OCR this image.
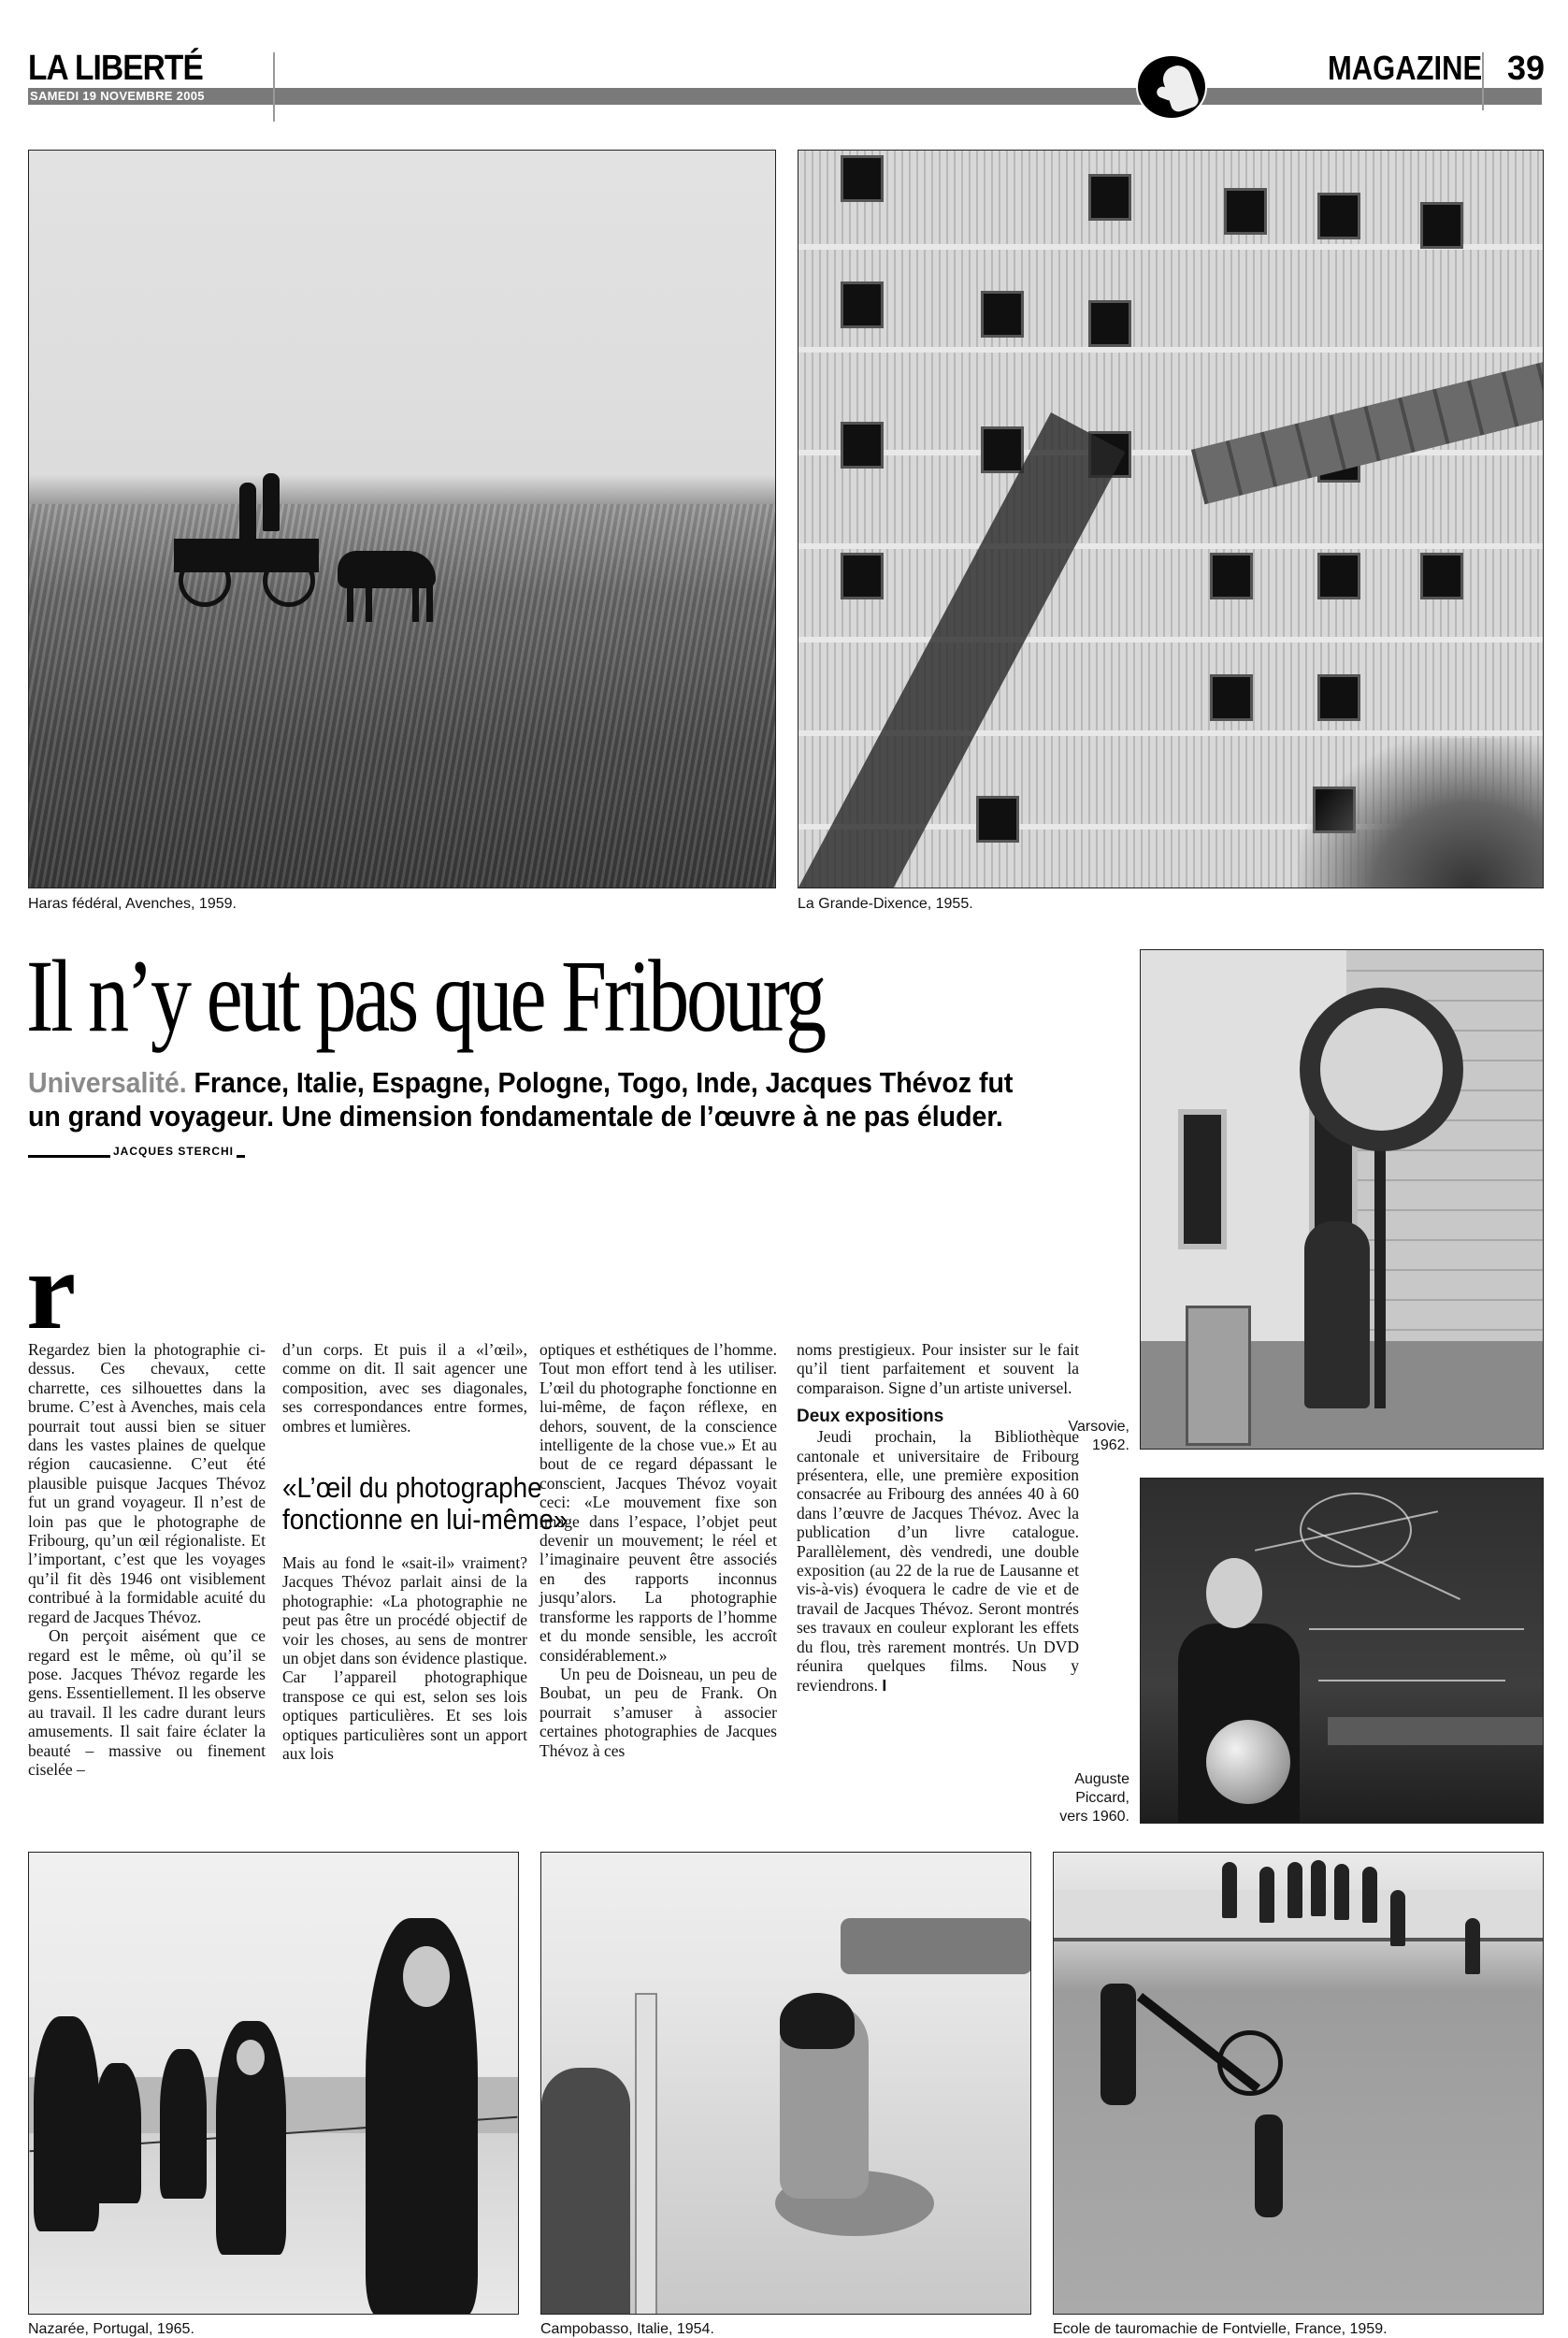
LA LIBERTÉ
SAMEDI 19 NOVEMBRE 2005
MAGAZINE 39
Haras fédéral, Avenches, 1959.	La Grande-Dixence, 1955.
Il n’y eut pas que Fribourg
Universalité. France, Italie, Espagne, Pologne, Togo, Inde, Jacques Thévoz fut
un grand voyageur. Une dimension fondamentale de l’œuvre à ne pas éluder.
JACQUES STERCHI
Varsovie,
1962.
Auguste
Piccard,
vers 1960.
r

Regardez bien la photographie ci-dessus. Ces chevaux, cette charrette, ces silhouettes dans la brume. C’est à Avenches, mais cela pourrait tout aussi bien se situer dans les vastes plaines de quelque région caucasienne. C’eut été plausible puisque Jacques Thévoz fut un grand voyageur. Il n’est de loin pas que le photographe de Fribourg, qu’un œil régionaliste. Et l’important, c’est que les voyages qu’il fit dès 1946 ont visiblement contribué à la formidable acuité du regard de Jacques Thévoz.

On perçoit aisément que ce regard est le même, où qu’il se pose. Jacques Thévoz regarde les gens. Essentiellement. Il les observe au travail. Il les cadre durant leurs amusements. Il sait faire éclater la beauté – massive ou finement ciselée –

d’un corps. Et puis il a «l’œil», comme on dit. Il sait agencer une composition, avec ses diagonales, ses correspondances entre formes, ombres et lumières.

Mais au fond le «sait-il» vraiment? Jacques Thévoz parlait ainsi de la photographie: «La photographie ne peut pas être un procédé objectif de voir les choses, au sens de montrer un objet dans son évidence plastique. Car l’appareil photographique transpose ce qui est, selon ses lois optiques particulières. Et ses lois optiques particulières sont un apport aux lois

«L’œil du photographe fonctionne en lui-même»

optiques et esthétiques de l’homme. Tout mon effort tend à les utiliser. L’œil du photographe fonctionne en lui-même, de façon réflexe, en dehors, souvent, de la conscience intelligente de la chose vue.» Et au bout de ce regard dépassant le conscient, Jacques Thévoz voyait ceci: «Le mouvement fixe son image dans l’espace, l’objet peut devenir un mouvement; le réel et l’imaginaire peuvent être associés en des rapports inconnus jusqu’alors. La photographie transforme les rapports de l’homme et du monde sensible, les accroît considérablement.»

Un peu de Doisneau, un peu de Boubat, un peu de Frank. On pourrait s’amuser à associer certaines photographies de Jacques Thévoz à ces

noms prestigieux. Pour insister sur le fait qu’il tient parfaitement et souvent la comparaison. Signe d’un artiste universel.

Deux expositions

Jeudi prochain, la Bibliothèque cantonale et universitaire de Fribourg présentera, elle, une première exposition consacrée au Fribourg des années 40 à 60 dans l’œuvre de Jacques Thévoz. Avec la publication d’un livre catalogue. Parallèlement, dès vendredi, une double exposition (au 22 de la rue de Lausanne et vis-à-vis) évoquera le cadre de vie et de travail de Jacques Thévoz. Seront montrés ses travaux en couleur explorant les effets du flou, très rarement montrés. Un DVD réunira quelques films. Nous y reviendrons. I

Nazarée, Portugal, 1965.	Campobasso, Italie, 1954.	Ecole de tauromachie de Fontvielle, France, 1959.
